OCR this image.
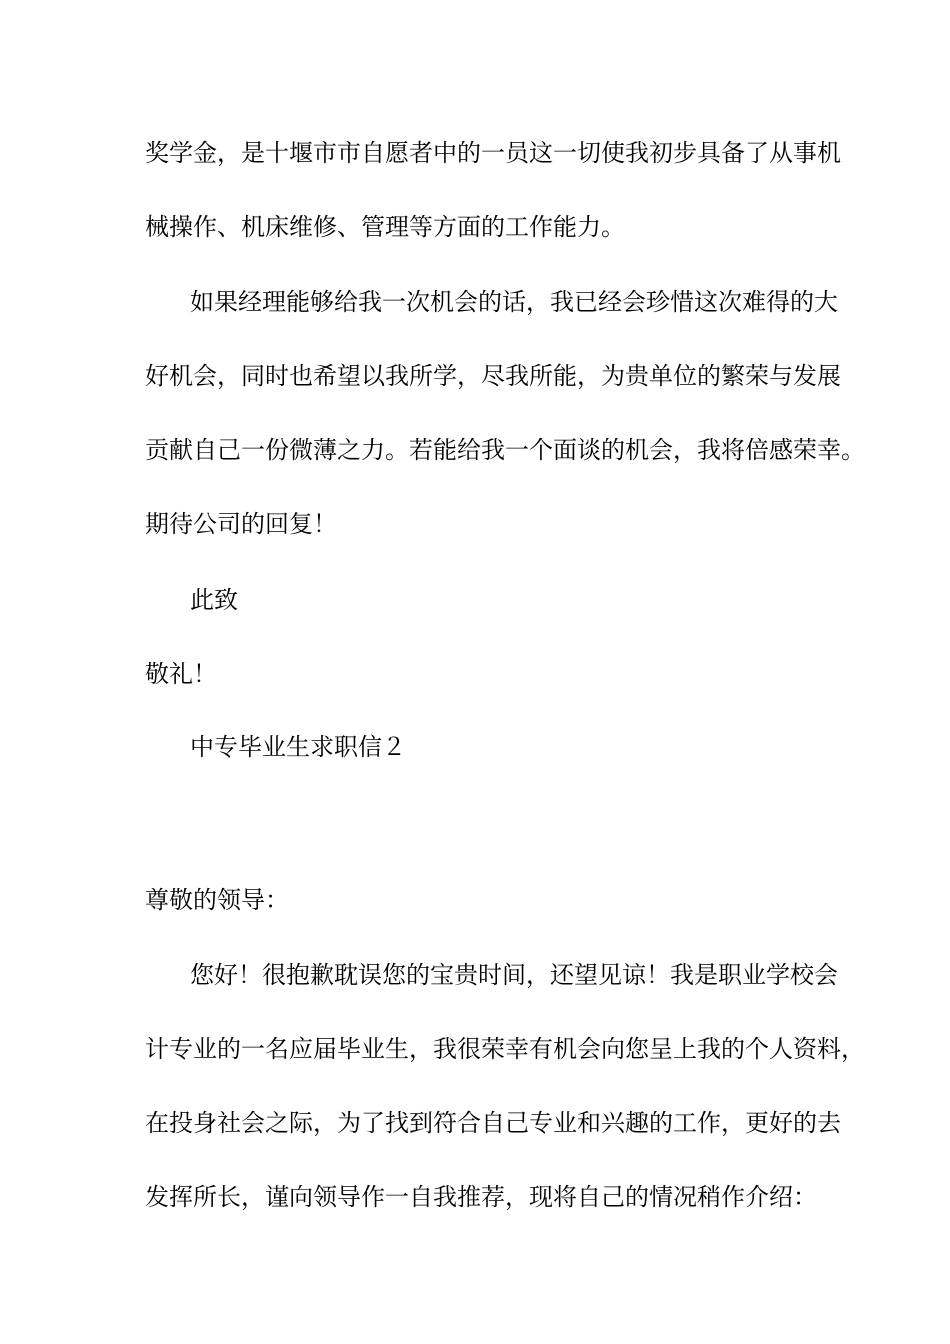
奖学金，是十堰市市自愿者中的一员这一切使我初步具备了从事机
械操作、机床维修、管理等方面的工作能力。
如果经理能够给我一次机会的话，我已经会珍惜这次难得的大
好机会，同时也希望以我所学，尽我所能，为贵单位的繁荣与发展
贡献自己一份微薄之力。若能给我一个面谈的机会，我将倍感荣幸。
期待公司的回复！
此致
敬礼！
中专毕业生求职信２
尊敬的领导：
您好！很抱歉耽误您的宝贵时间，还望见谅！我是职业学校会
计专业的一名应届毕业生，我很荣幸有机会向您呈上我的个人资料，
在投身社会之际，为了找到符合自己专业和兴趣的工作，更好的去
发挥所长，谨向领导作一自我推荐，现将自己的情况稍作介绍：
